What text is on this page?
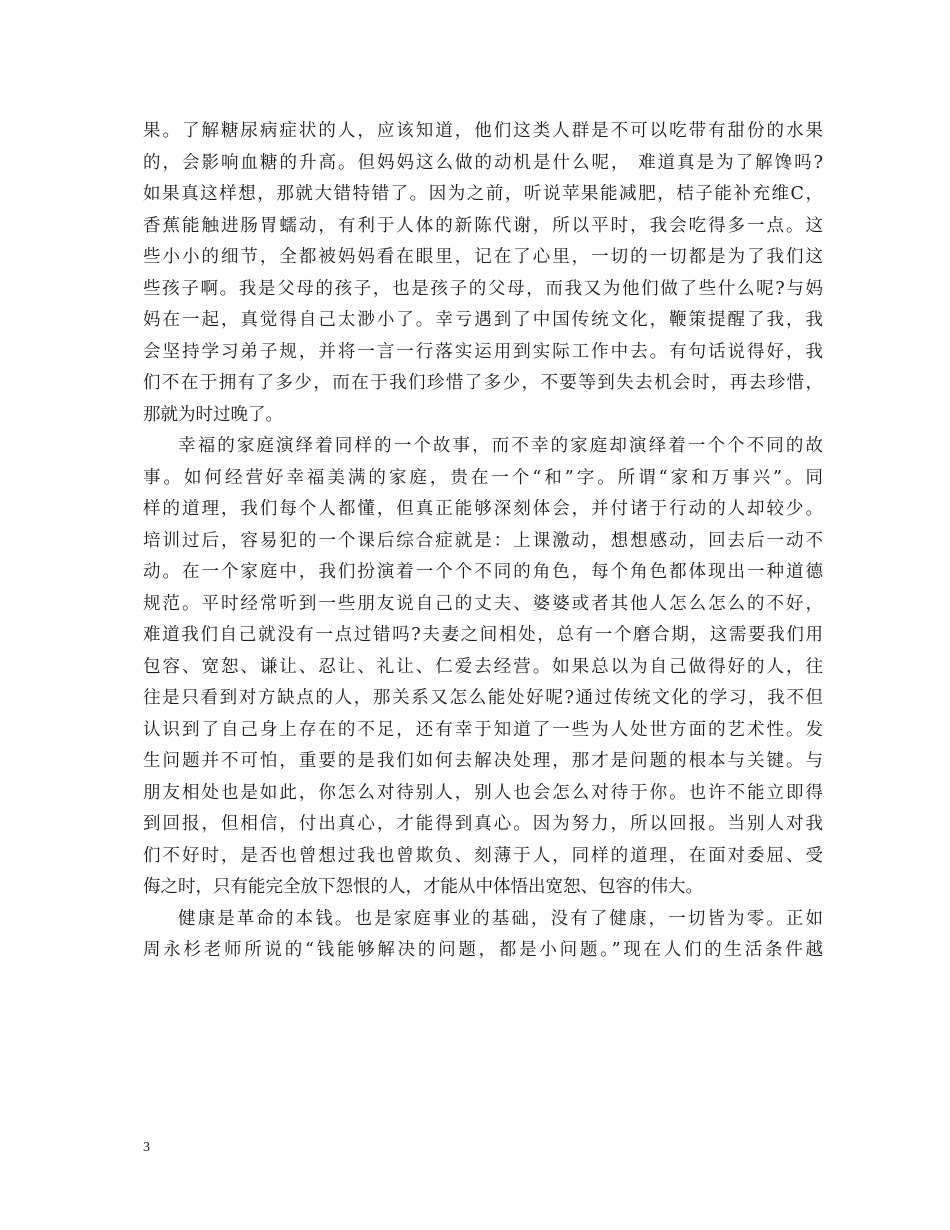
果。了解糖尿病症状的人，应该知道，他们这类人群是不可以吃带有甜份的水果
的，会影响血糖的升高。但妈妈这么做的动机是什么呢， 难道真是为了解馋吗?
如果真这样想，那就大错特错了。因为之前，听说苹果能减肥，桔子能补充维C，
香蕉能触进肠胃蠕动，有利于人体的新陈代谢，所以平时，我会吃得多一点。这
些小小的细节，全都被妈妈看在眼里，记在了心里，一切的一切都是为了我们这
些孩子啊。我是父母的孩子，也是孩子的父母，而我又为他们做了些什么呢?与妈
妈在一起，真觉得自己太渺小了。幸亏遇到了中国传统文化，鞭策提醒了我，我
会坚持学习弟子规，并将一言一行落实运用到实际工作中去。有句话说得好，我
们不在于拥有了多少，而在于我们珍惜了多少，不要等到失去机会时，再去珍惜，
那就为时过晚了。
幸福的家庭演绎着同样的一个故事，而不幸的家庭却演绎着一个个不同的故
事。如何经营好幸福美满的家庭，贵在一个“和”字。所谓“家和万事兴”。同
样的道理，我们每个人都懂，但真正能够深刻体会，并付诸于行动的人却较少。
培训过后，容易犯的一个课后综合症就是：上课激动，想想感动，回去后一动不
动。在一个家庭中，我们扮演着一个个不同的角色，每个角色都体现出一种道德
规范。平时经常听到一些朋友说自己的丈夫、婆婆或者其他人怎么怎么的不好，
难道我们自己就没有一点过错吗?夫妻之间相处，总有一个磨合期，这需要我们用
包容、宽恕、谦让、忍让、礼让、仁爱去经营。如果总以为自己做得好的人，往
往是只看到对方缺点的人，那关系又怎么能处好呢?通过传统文化的学习，我不但
认识到了自己身上存在的不足，还有幸于知道了一些为人处世方面的艺术性。发
生问题并不可怕，重要的是我们如何去解决处理，那才是问题的根本与关键。与
朋友相处也是如此，你怎么对待别人，别人也会怎么对待于你。也许不能立即得
到回报，但相信，付出真心，才能得到真心。因为努力，所以回报。当别人对我
们不好时，是否也曾想过我也曾欺负、刻薄于人，同样的道理，在面对委屈、受
侮之时，只有能完全放下怨恨的人，才能从中体悟出宽恕、包容的伟大。
健康是革命的本钱。也是家庭事业的基础，没有了健康，一切皆为零。正如
周永杉老师所说的“钱能够解决的问题，都是小问题。”现在人们的生活条件越
3
